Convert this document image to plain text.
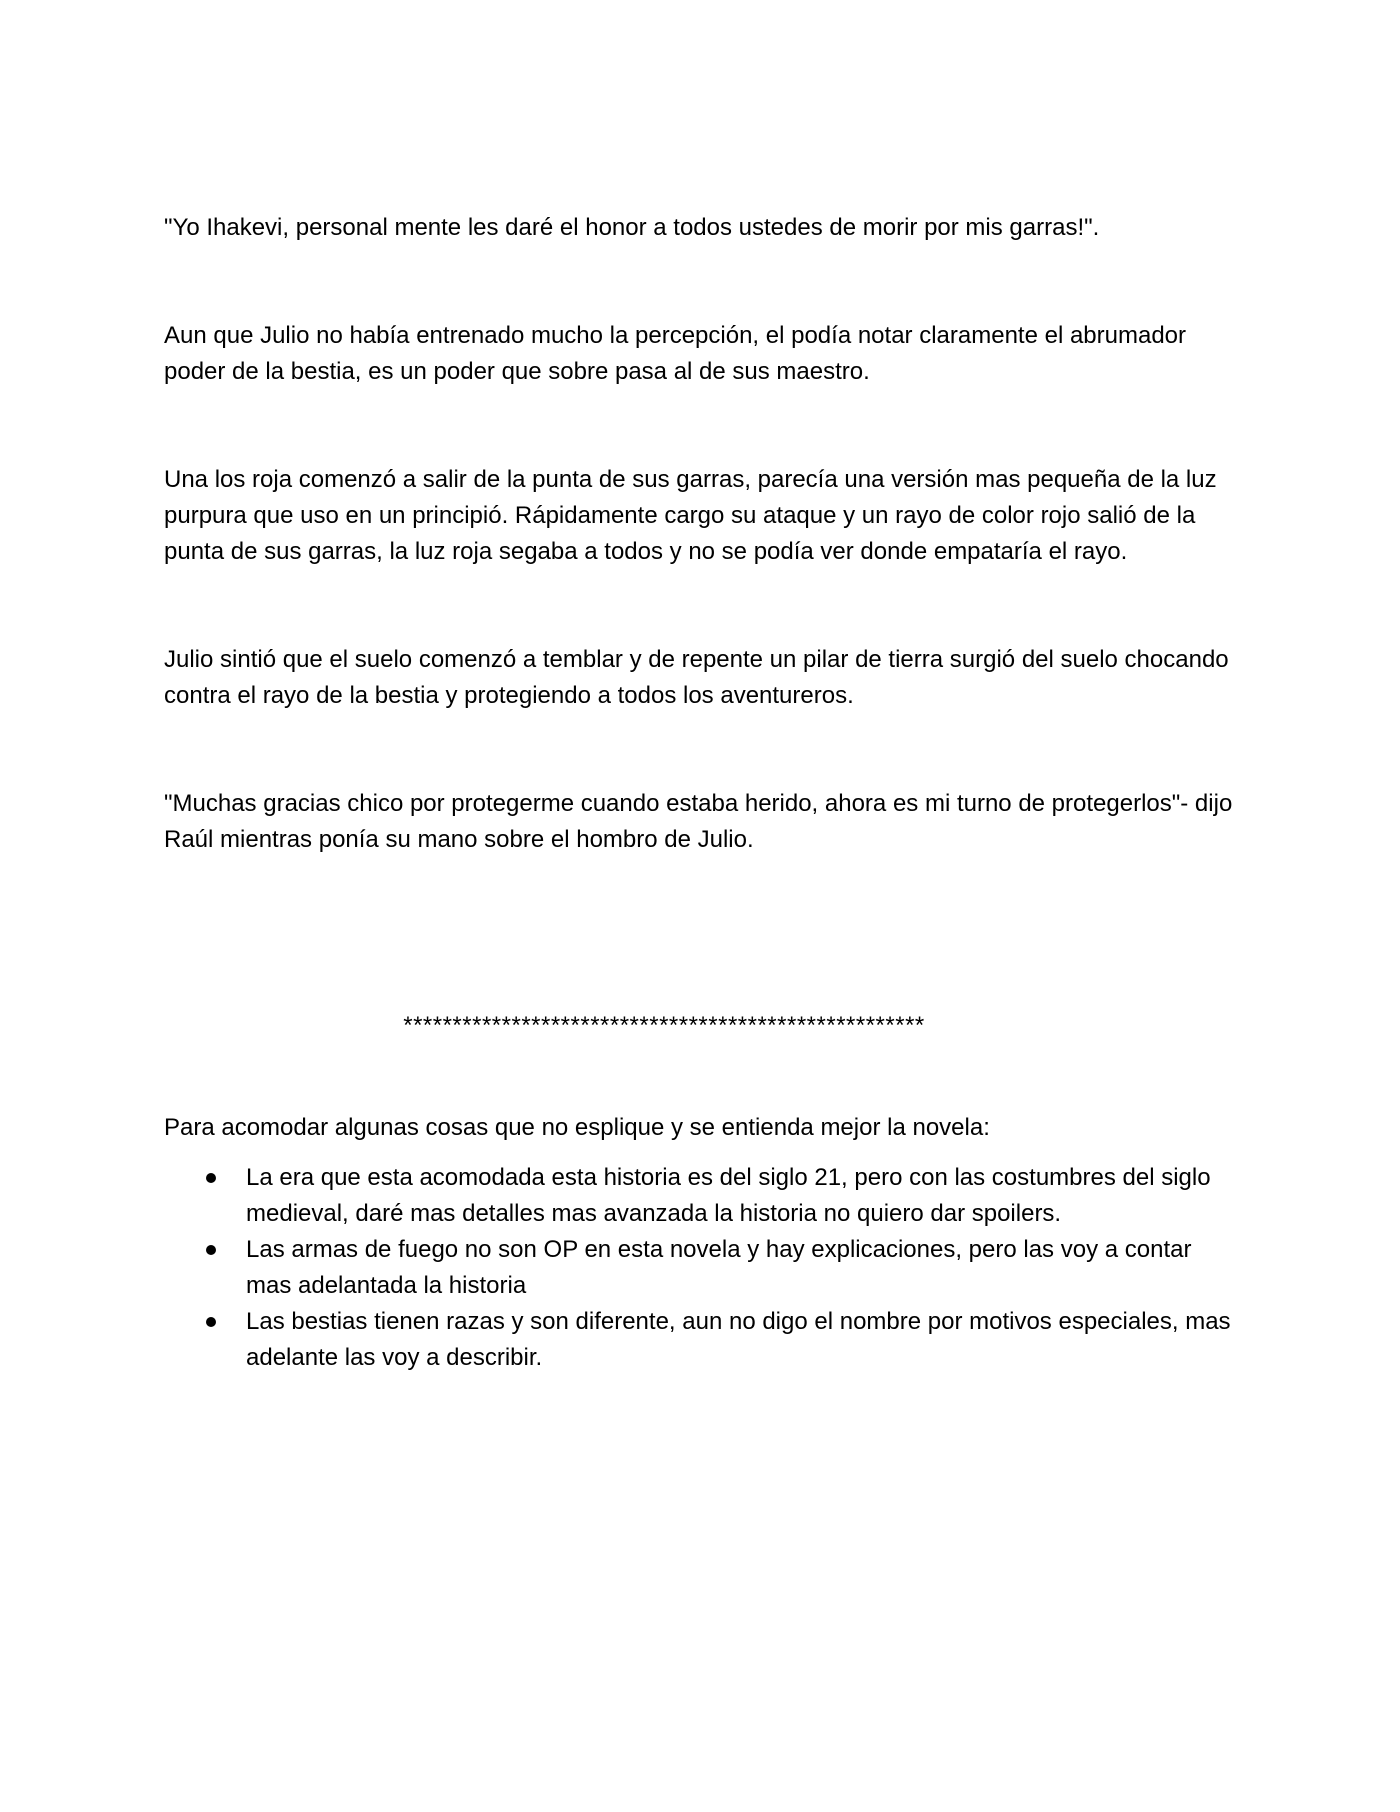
"Yo Ihakevi, personal mente les daré el honor a todos ustedes de morir por mis garras!".

Aun que Julio no había entrenado mucho la percepción, el podía notar claramente el abrumador poder de la bestia, es un poder que sobre pasa al de sus maestro.

Una los roja comenzó a salir de la punta de sus garras, parecía una versión mas pequeña de la luz purpura que uso en un principió. Rápidamente cargo su ataque y un rayo de color rojo salió de la punta de sus garras, la luz roja segaba a todos y no se podía ver donde empataría el rayo.

Julio sintió que el suelo comenzó a temblar y de repente un pilar de tierra surgió del suelo chocando contra el rayo de la bestia y protegiendo a todos los aventureros.

"Muchas gracias chico por protegerme cuando estaba herido, ahora es mi turno de protegerlos"- dijo Raúl mientras ponía su mano sobre el hombro de Julio.

*****************************************************

Para acomodar algunas cosas que no esplique y se entienda mejor la novela:

La era que esta acomodada esta historia es del siglo 21, pero con las costumbres del siglo medieval, daré mas detalles mas avanzada la historia no quiero dar spoilers.
Las armas de fuego no son OP en esta novela y hay explicaciones, pero las voy a contar mas adelantada la historia
Las bestias tienen razas y son diferente, aun no digo el nombre por motivos especiales, mas adelante las voy a describir.
